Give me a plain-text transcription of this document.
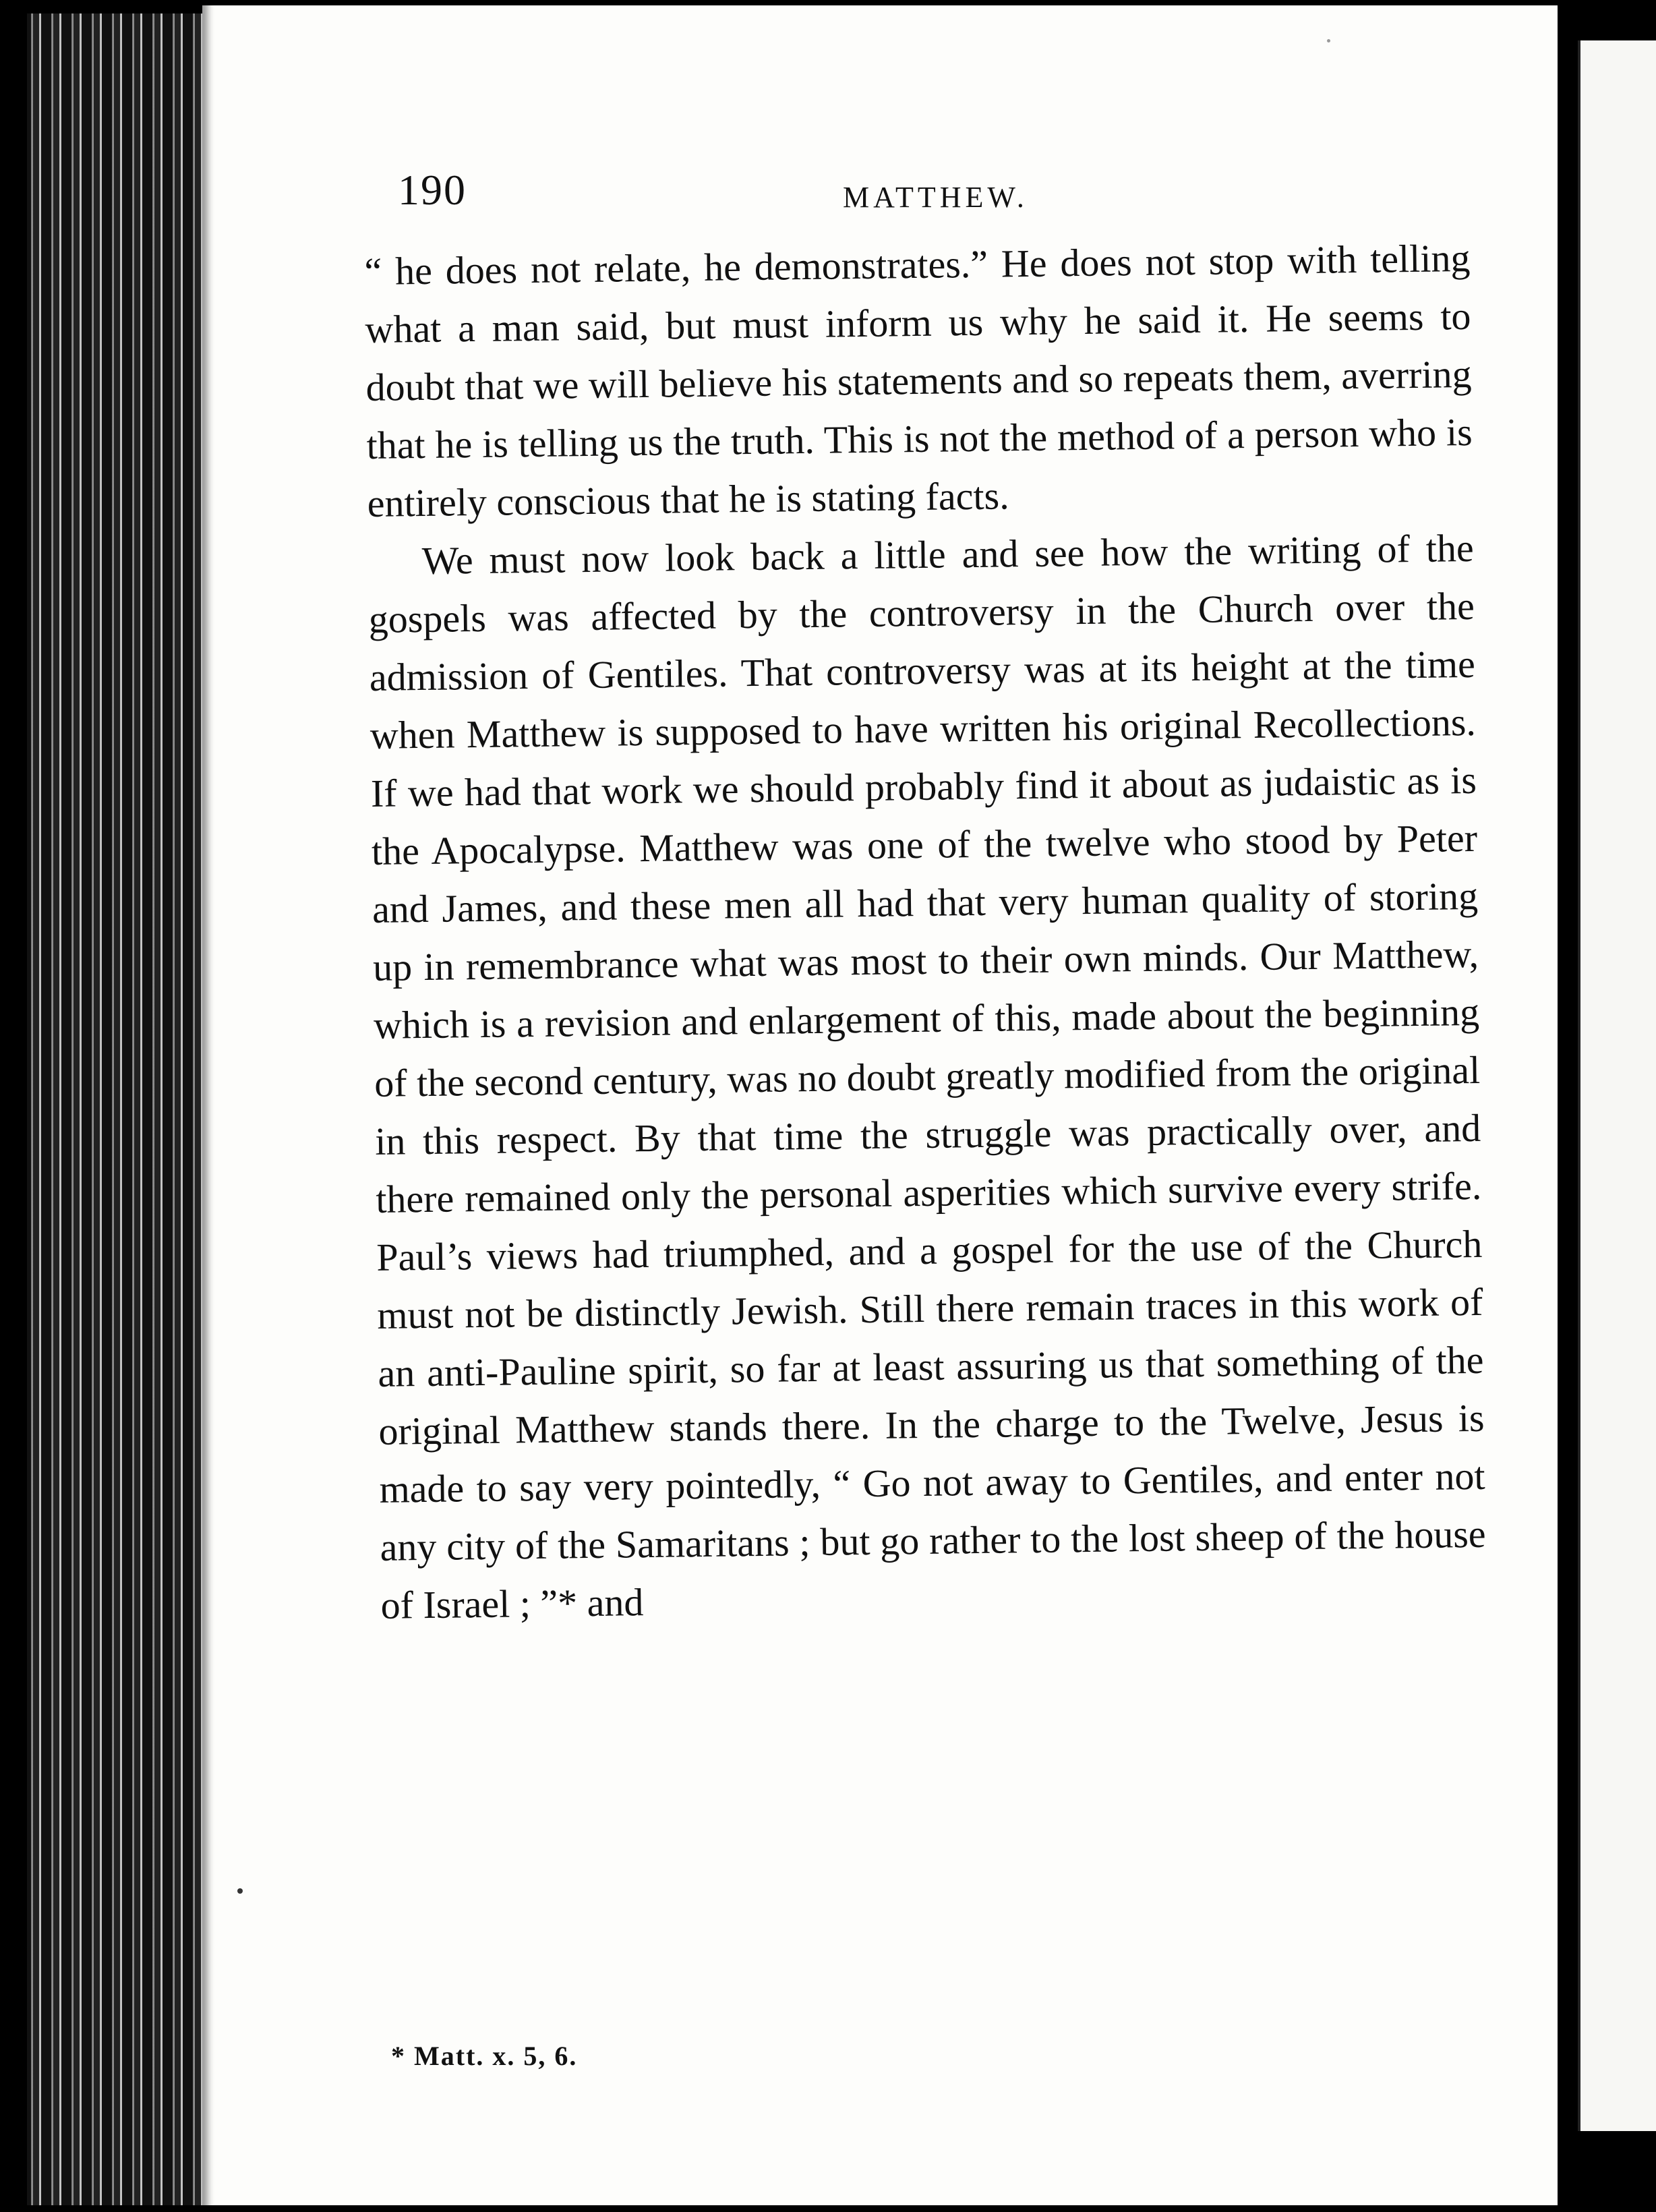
190	MATTHEW.

“ he does not relate, he demonstrates.” He does not stop with telling what a man said, but must inform us why he said it. He seems to doubt that we will believe his statements and so repeats them, averring that he is telling us the truth. This is not the method of a person who is entirely conscious that he is stating facts.

We must now look back a little and see how the writing of the gospels was affected by the controversy in the Church over the admission of Gentiles. That controversy was at its height at the time when Matthew is supposed to have written his original Recollections. If we had that work we should probably find it about as judaistic as is the Apocalypse. Matthew was one of the twelve who stood by Peter and James, and these men all had that very human quality of storing up in remembrance what was most to their own minds. Our Matthew, which is a revision and enlargement of this, made about the beginning of the second century, was no doubt greatly modified from the original in this respect. By that time the struggle was practically over, and there remained only the personal asperities which survive every strife. Paul’s views had triumphed, and a gospel for the use of the Church must not be distinctly Jewish. Still there remain traces in this work of an anti-Pauline spirit, so far at least assuring us that something of the original Matthew stands there. In the charge to the Twelve, Jesus is made to say very pointedly, “ Go not away to Gentiles, and enter not any city of the Samaritans ; but go rather to the lost sheep of the house of Israel ; ”* and

* Matt. x. 5, 6.
